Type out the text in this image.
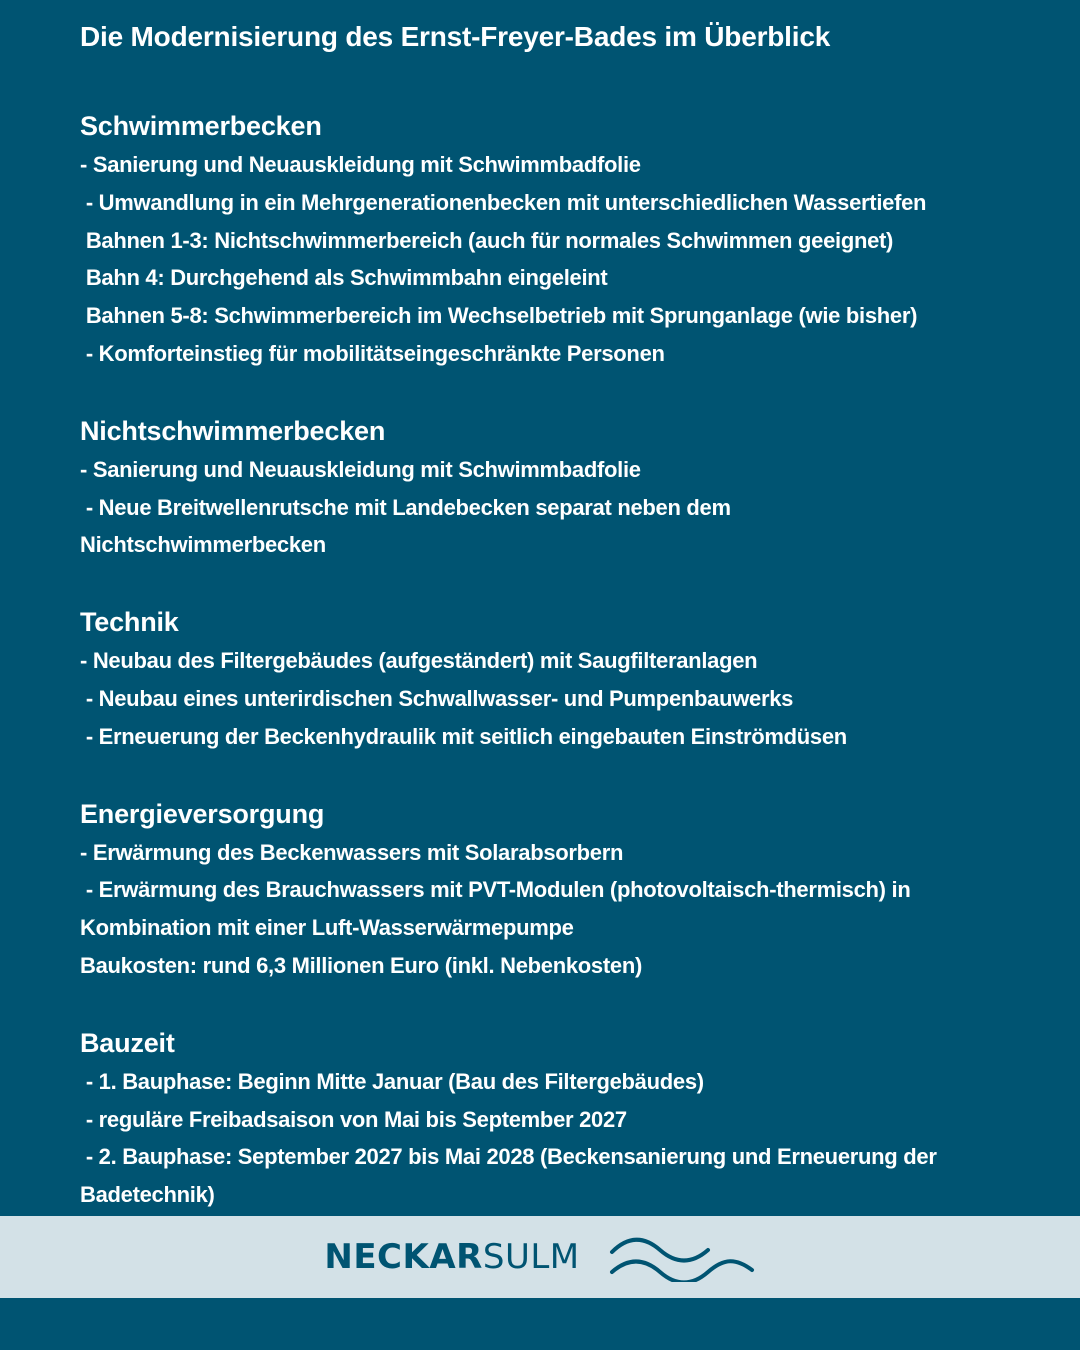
Die Modernisierung des Ernst-Freyer-Bades im Überblick
Schwimmerbecken
- Sanierung und Neuauskleidung mit Schwimmbadfolie
- Umwandlung in ein Mehrgenerationenbecken mit unterschiedlichen Wassertiefen
Bahnen 1-3: Nichtschwimmerbereich (auch für normales Schwimmen geeignet)
Bahn 4: Durchgehend als Schwimmbahn eingeleint
Bahnen 5-8: Schwimmerbereich im Wechselbetrieb mit Sprunganlage (wie bisher)
- Komforteinstieg für mobilitätseingeschränkte Personen
Nichtschwimmerbecken
- Sanierung und Neuauskleidung mit Schwimmbadfolie
- Neue Breitwellenrutsche mit Landebecken separat neben dem
Nichtschwimmerbecken
Technik
- Neubau des Filtergebäudes (aufgeständert) mit Saugfilteranlagen
- Neubau eines unterirdischen Schwallwasser- und Pumpenbauwerks
- Erneuerung der Beckenhydraulik mit seitlich eingebauten Einströmdüsen
Energieversorgung
- Erwärmung des Beckenwassers mit Solarabsorbern
- Erwärmung des Brauchwassers mit PVT-Modulen (photovoltaisch-thermisch) in
Kombination mit einer Luft-Wasserwärmepumpe
Baukosten: rund 6,3 Millionen Euro (inkl. Nebenkosten)
Bauzeit
- 1. Bauphase: Beginn Mitte Januar (Bau des Filtergebäudes)
- reguläre Freibadsaison von Mai bis September 2027
- 2. Bauphase: September 2027 bis Mai 2028 (Beckensanierung und Erneuerung der
Badetechnik)
NECKARSULM
